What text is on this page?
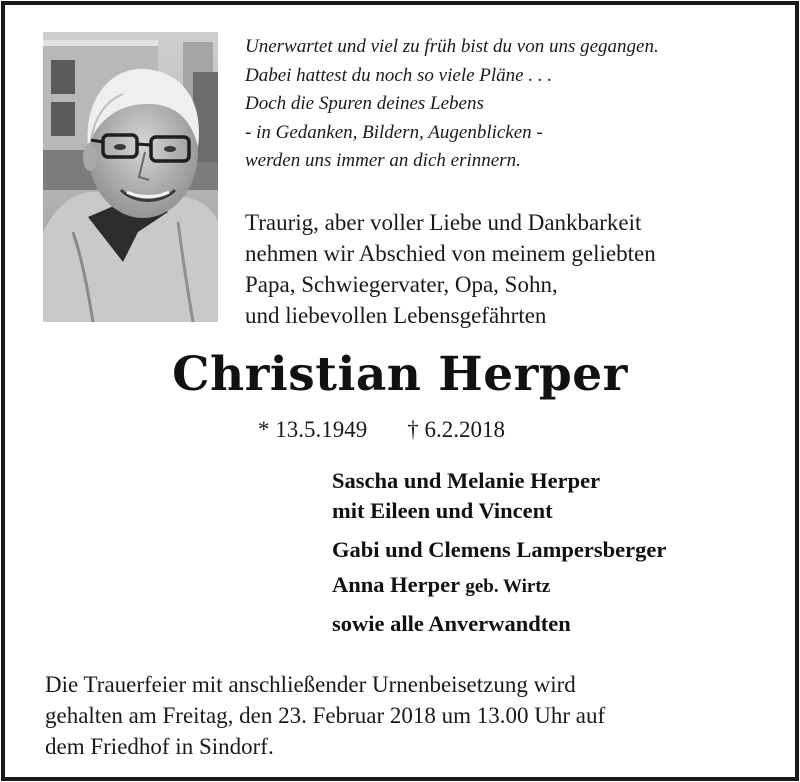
Unerwartet und viel zu früh bist du von uns gegangen.
Dabei hattest du noch so viele Pläne . . .
Doch die Spuren deines Lebens
- in Gedanken, Bildern, Augenblicken -
werden uns immer an dich erinnern.
Traurig, aber voller Liebe und Dankbarkeit
nehmen wir Abschied von meinem geliebten
Papa, Schwiegervater, Opa, Sohn,
und liebevollen Lebensgefährten
Christian Herper
* 13.5.1949 † 6.2.2018
Sascha und Melanie Herper
mit Eileen und Vincent
Gabi und Clemens Lampersberger
Anna Herper geb. Wirtz
sowie alle Anverwandten
Die Trauerfeier mit anschließender Urnenbeisetzung wird
gehalten am Freitag, den 23. Februar 2018 um 13.00 Uhr auf
dem Friedhof in Sindorf.
